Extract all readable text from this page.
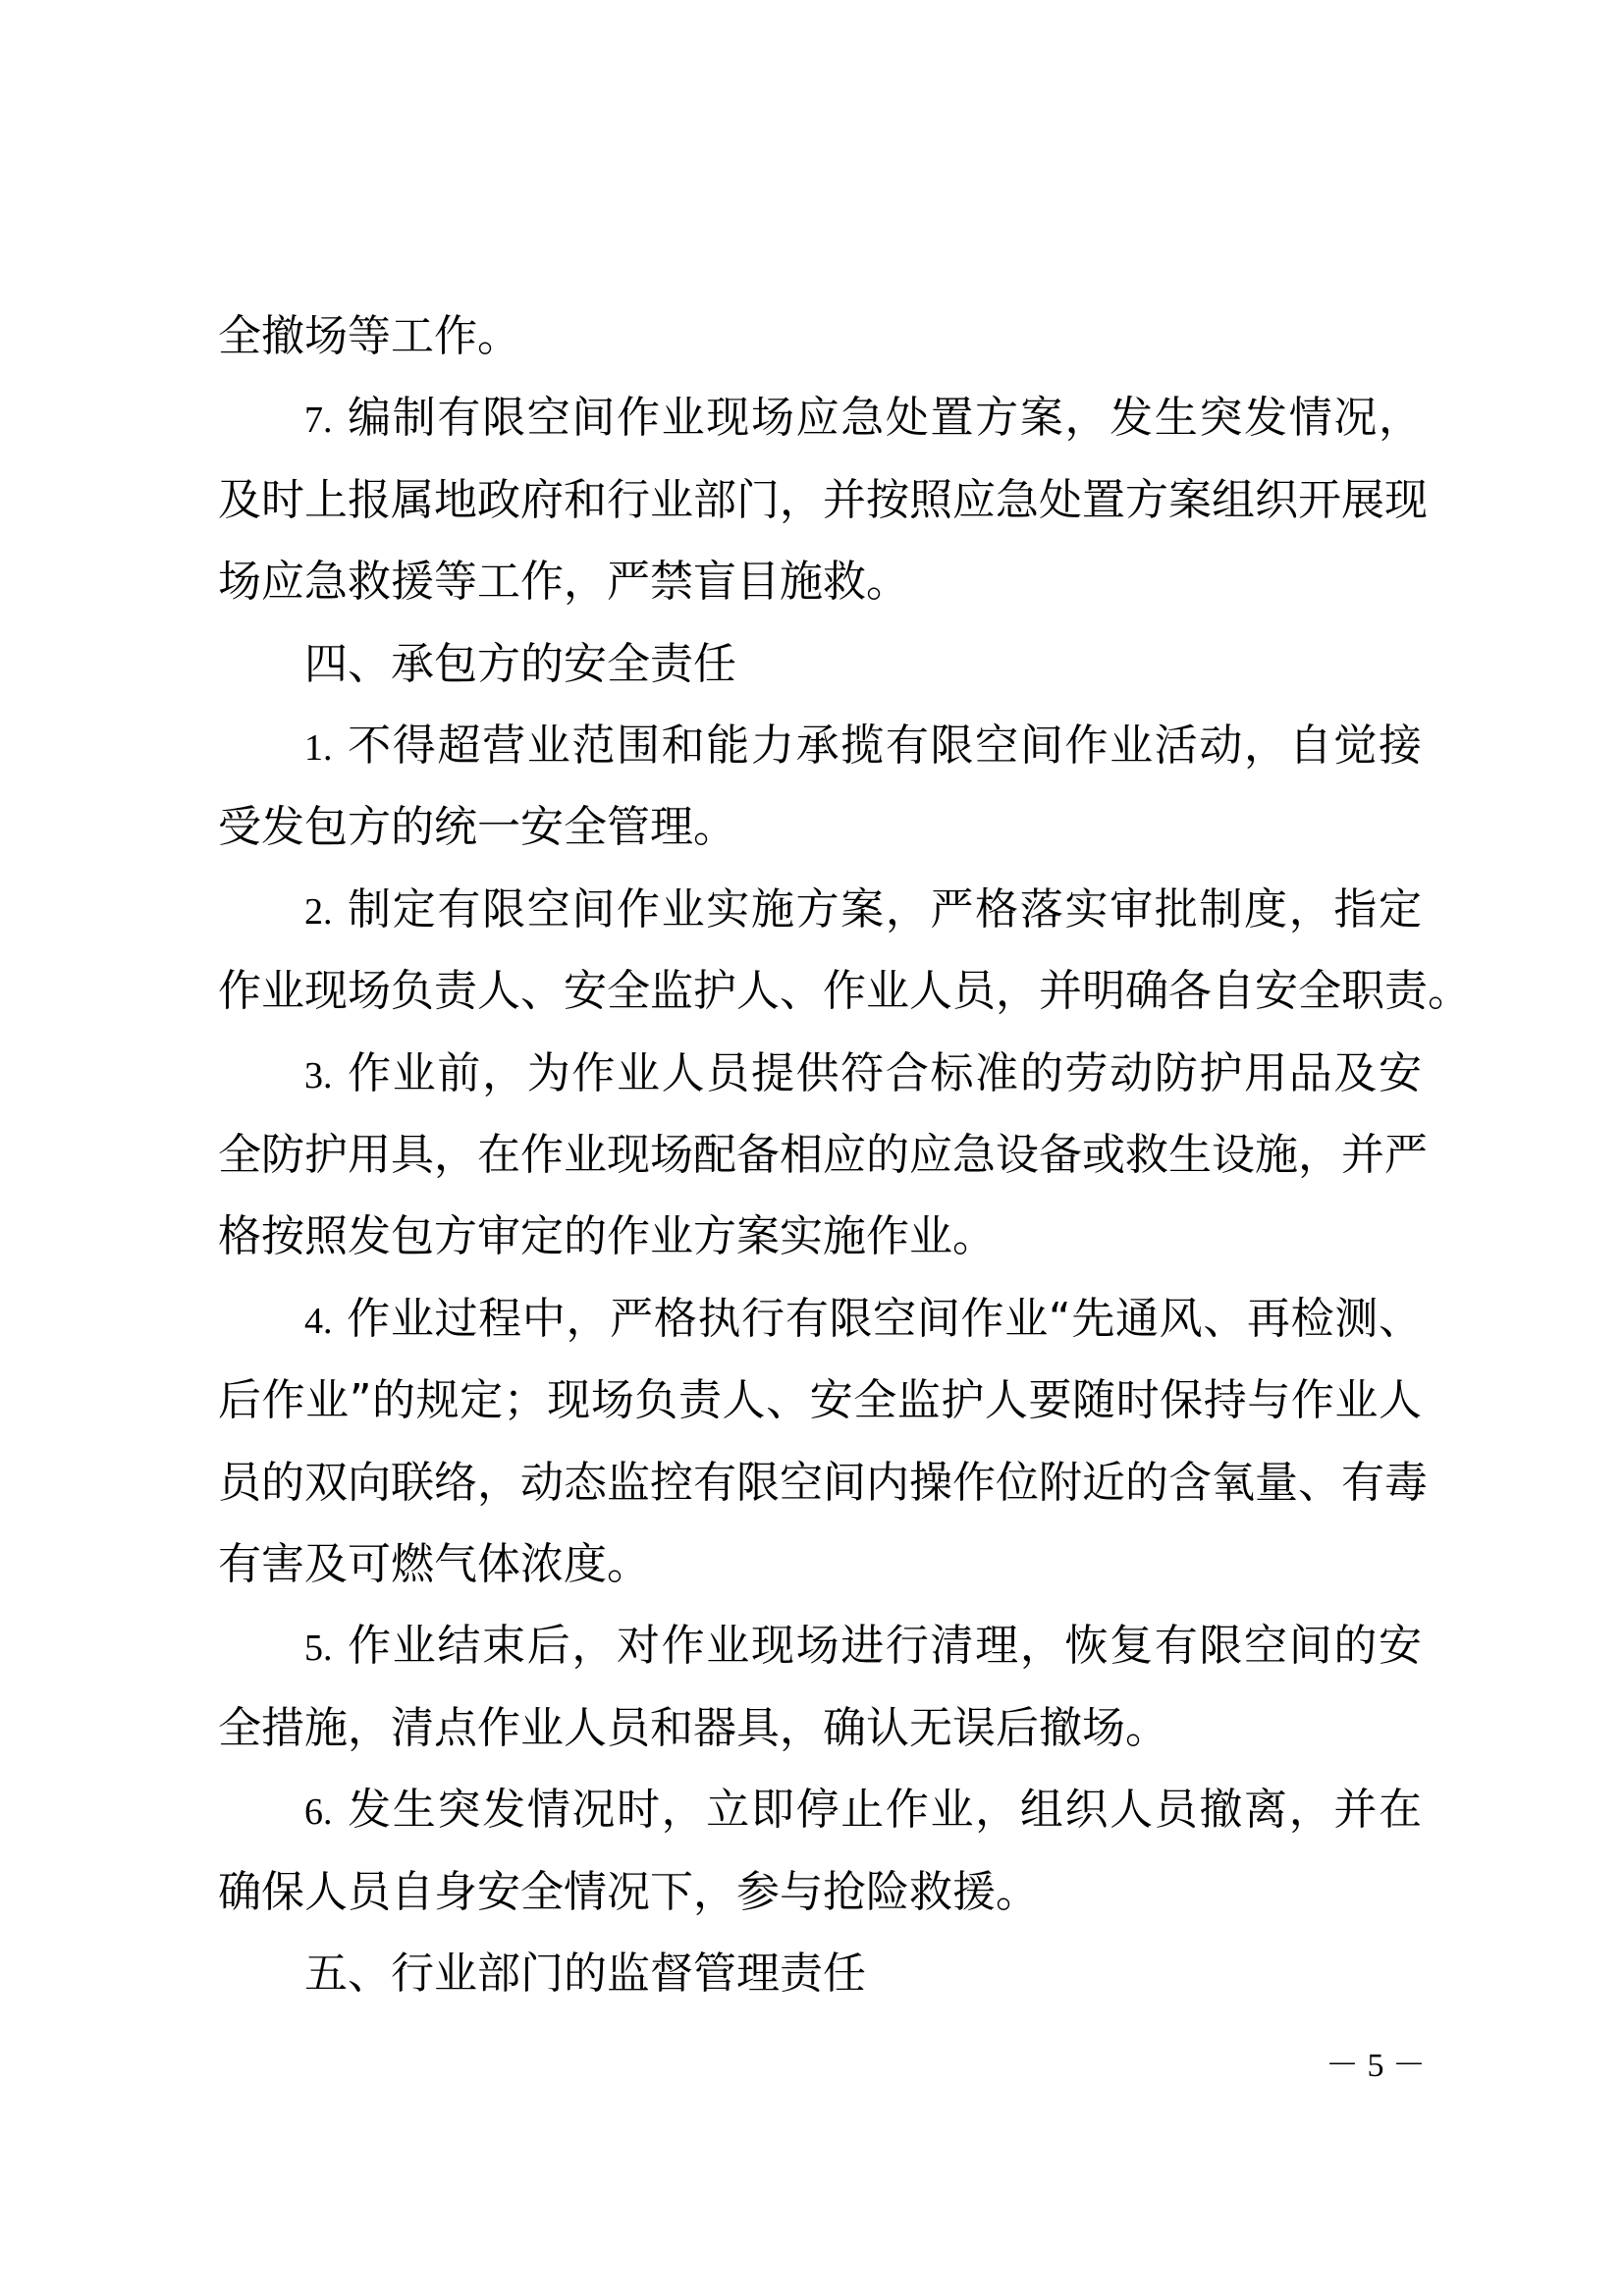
全撤场等工作。
7. 编制有限空间作业现场应急处置方案，发生突发情况，
及时上报属地政府和行业部门，并按照应急处置方案组织开展现
场应急救援等工作，严禁盲目施救。
四、承包方的安全责任
1. 不得超营业范围和能力承揽有限空间作业活动，自觉接
受发包方的统一安全管理。
2. 制定有限空间作业实施方案，严格落实审批制度，指定
作业现场负责人、安全监护人、作业人员，并明确各自安全职责。
3. 作业前，为作业人员提供符合标准的劳动防护用品及安
全防护用具，在作业现场配备相应的应急设备或救生设施，并严
格按照发包方审定的作业方案实施作业。
4. 作业过程中，严格执行有限空间作业“先通风、再检测、
后作业”的规定；现场负责人、安全监护人要随时保持与作业人
员的双向联络，动态监控有限空间内操作位附近的含氧量、有毒
有害及可燃气体浓度。
5. 作业结束后，对作业现场进行清理，恢复有限空间的安
全措施，清点作业人员和器具，确认无误后撤场。
6. 发生突发情况时，立即停止作业，组织人员撤离，并在
确保人员自身安全情况下，参与抢险救援。
五、行业部门的监督管理责任
－ 5 －
